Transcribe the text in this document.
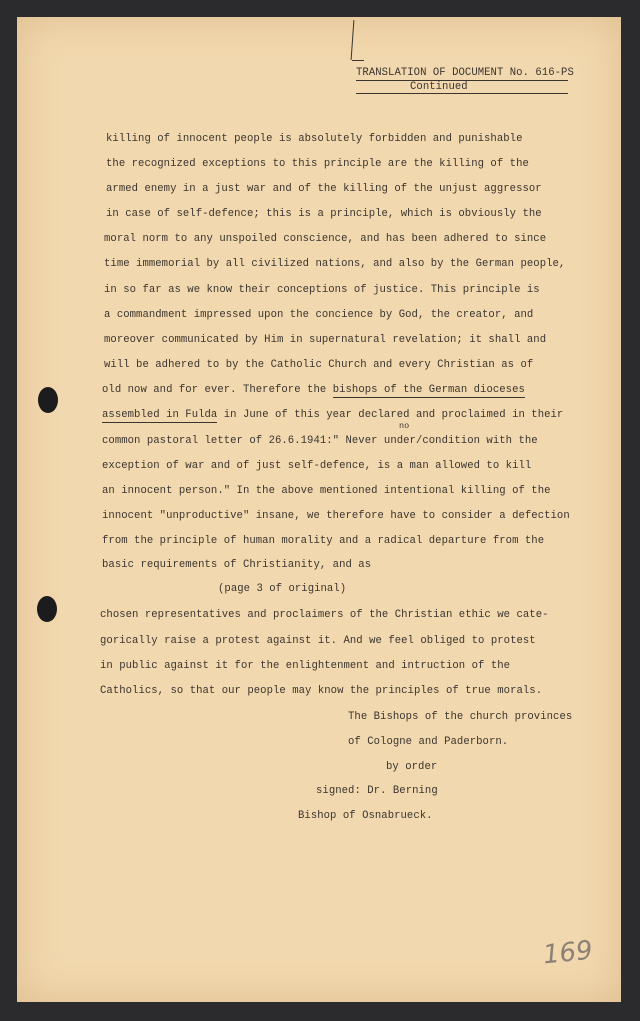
TRANSLATION OF DOCUMENT No. 616-PS
Continued
killing of innocent people is absolutely forbidden and punishable
the recognized exceptions to this principle are the killing of the
armed enemy in a just war and of the killing of the unjust aggressor
in case of self-defence; this is a principle, which is obviously the
moral norm to any unspoiled conscience, and has been adhered to since
time immemorial by all civilized nations, and also by the German people,
in so far as we know their conceptions of justice. This principle is
a commandment impressed upon the concience by God, the creator, and
moreover communicated by Him in supernatural revelation; it shall and
will be adhered to by the Catholic Church and every Christian as of
old now and for ever. Therefore the bishops of the German dioceses
assembled in Fulda in June of this year declared and proclaimed in their
no
common pastoral letter of 26.6.1941:" Never under/condition with the
exception of war and of just self-defence, is a man allowed to kill
an innocent person." In the above mentioned intentional killing of the
innocent "unproductive" insane, we therefore have to consider a defection
from the principle of human morality and a radical departure from the
basic requirements of Christianity, and as
(page 3 of original)
chosen representatives and proclaimers of the Christian ethic we cate-
gorically raise a protest against it. And we feel obliged to protest
in public against it for the enlightenment and intruction of the
Catholics, so that our people may know the principles of true morals.
The Bishops of the church provinces
of Cologne and Paderborn.
by order
signed: Dr. Berning
Bishop of Osnabrueck.
169
